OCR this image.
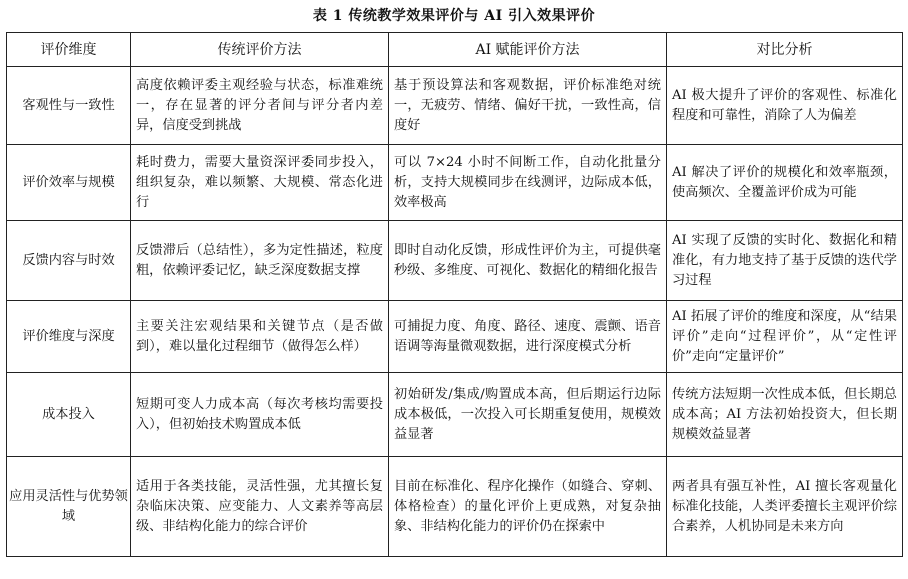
表 1 传统教学效果评价与 AI 引入效果评价
评价维度	传统评价方法	AI 赋能评价方法	对比分析
客观性与一致性	高度依赖评委主观经验与状态，标准难统一，存在显著的评分者间与评分者内差异，信度受到挑战	基于预设算法和客观数据，评价标准绝对统一，无疲劳、情绪、偏好干扰，一致性高，信度好	AI 极大提升了评价的客观性、标准化程度和可靠性，消除了人为偏差
评价效率与规模	耗时费力，需要大量资深评委同步投入，组织复杂，难以频繁、大规模、常态化进行	可以 7×24 小时不间断工作，自动化批量分析，支持大规模同步在线测评，边际成本低，效率极高	AI 解决了评价的规模化和效率瓶颈，使高频次、全覆盖评价成为可能
反馈内容与时效	反馈滞后（总结性），多为定性描述，粒度粗，依赖评委记忆，缺乏深度数据支撑	即时自动化反馈，形成性评价为主，可提供毫秒级、多维度、可视化、数据化的精细化报告	AI 实现了反馈的实时化、数据化和精准化，有力地支持了基于反馈的迭代学习过程
评价维度与深度	主要关注宏观结果和关键节点（是否做到），难以量化过程细节（做得怎么样）	可捕捉力度、角度、路径、速度、震颤、语音语调等海量微观数据，进行深度模式分析	AI 拓展了评价的维度和深度，从“结果评价”走向“过程评价”，从“定性评价”走向“定量评价”
成本投入	短期可变人力成本高（每次考核均需要投入），但初始技术购置成本低	初始研发/集成/购置成本高，但后期运行边际成本极低，一次投入可长期重复使用，规模效益显著	传统方法短期一次性成本低，但长期总成本高；AI 方法初始投资大，但长期规模效益显著
应用灵活性与优势领域	适用于各类技能，灵活性强，尤其擅长复杂临床决策、应变能力、人文素养等高层级、非结构化能力的综合评价	目前在标准化、程序化操作（如缝合、穿刺、体格检查）的量化评价上更成熟，对复杂抽象、非结构化能力的评价仍在探索中	两者具有强互补性，AI 擅长客观量化标准化技能，人类评委擅长主观评价综合素养，人机协同是未来方向
